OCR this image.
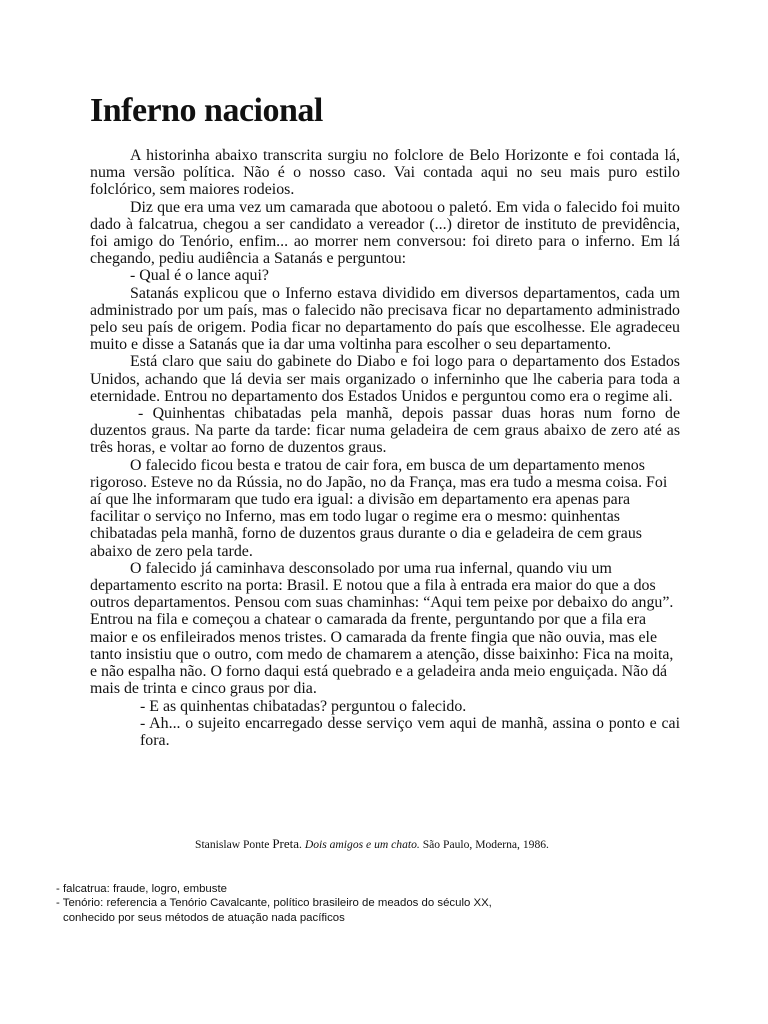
Inferno nacional

A historinha abaixo transcrita surgiu no folclore de Belo Horizonte e foi contada lá, numa versão política. Não é o nosso caso. Vai contada aqui no seu mais puro estilo folclórico, sem maiores rodeios.

Diz que era uma vez um camarada que abotoou o paletó. Em vida o falecido foi muito dado à falcatrua, chegou a ser candidato a vereador (...) diretor de instituto de previdência, foi amigo do Tenório, enfim... ao morrer nem conversou: foi direto para o inferno. Em lá chegando, pediu audiência a Satanás e perguntou:

- Qual é o lance aqui?

Satanás explicou que o Inferno estava dividido em diversos departamentos, cada um administrado por um país, mas o falecido não precisava ficar no departamento administrado pelo seu país de origem. Podia ficar no departamento do país que escolhesse. Ele agradeceu muito e disse a Satanás que ia dar uma voltinha para escolher o seu departamento.

Está claro que saiu do gabinete do Diabo e foi logo para o departamento dos Estados Unidos, achando que lá devia ser mais organizado o inferninho que lhe caberia para toda a eternidade. Entrou no departamento dos Estados Unidos e perguntou como era o regime ali.

- Quinhentas chibatadas pela manhã, depois passar duas horas num forno de duzentos graus. Na parte da tarde: ficar numa geladeira de cem graus abaixo de zero até as três horas, e voltar ao forno de duzentos graus.

O falecido ficou besta e tratou de cair fora, em busca de um departamento menos rigoroso. Esteve no da Rússia, no do Japão, no da França, mas era tudo a mesma coisa. Foi aí que lhe informaram que tudo era igual: a divisão em departamento era apenas para facilitar o serviço no Inferno, mas em todo lugar o regime era o mesmo: quinhentas chibatadas pela manhã, forno de duzentos graus durante o dia e geladeira de cem graus abaixo de zero pela tarde.

O falecido já caminhava desconsolado por uma rua infernal, quando viu um departamento escrito na porta: Brasil. E notou que a fila à entrada era maior do que a dos outros departamentos. Pensou com suas chaminhas: “Aqui tem peixe por debaixo do angu”. Entrou na fila e começou a chatear o camarada da frente, perguntando por que a fila era maior e os enfileirados menos tristes. O camarada da frente fingia que não ouvia, mas ele tanto insistiu que o outro, com medo de chamarem a atenção, disse baixinho: Fica na moita, e não espalha não. O forno daqui está quebrado e a geladeira anda meio enguiçada. Não dá mais de trinta e cinco graus por dia.

- E as quinhentas chibatadas? perguntou o falecido.

- Ah... o sujeito encarregado desse serviço vem aqui de manhã, assina o ponto e cai fora.

Stanislaw Ponte Preta. Dois amigos e um chato. São Paulo, Moderna, 1986.
- falcatrua: fraude, logro, embuste
- Tenório: referencia a Tenório Cavalcante, político brasileiro de meados do século XX,
conhecido por seus métodos de atuação nada pacíficos
